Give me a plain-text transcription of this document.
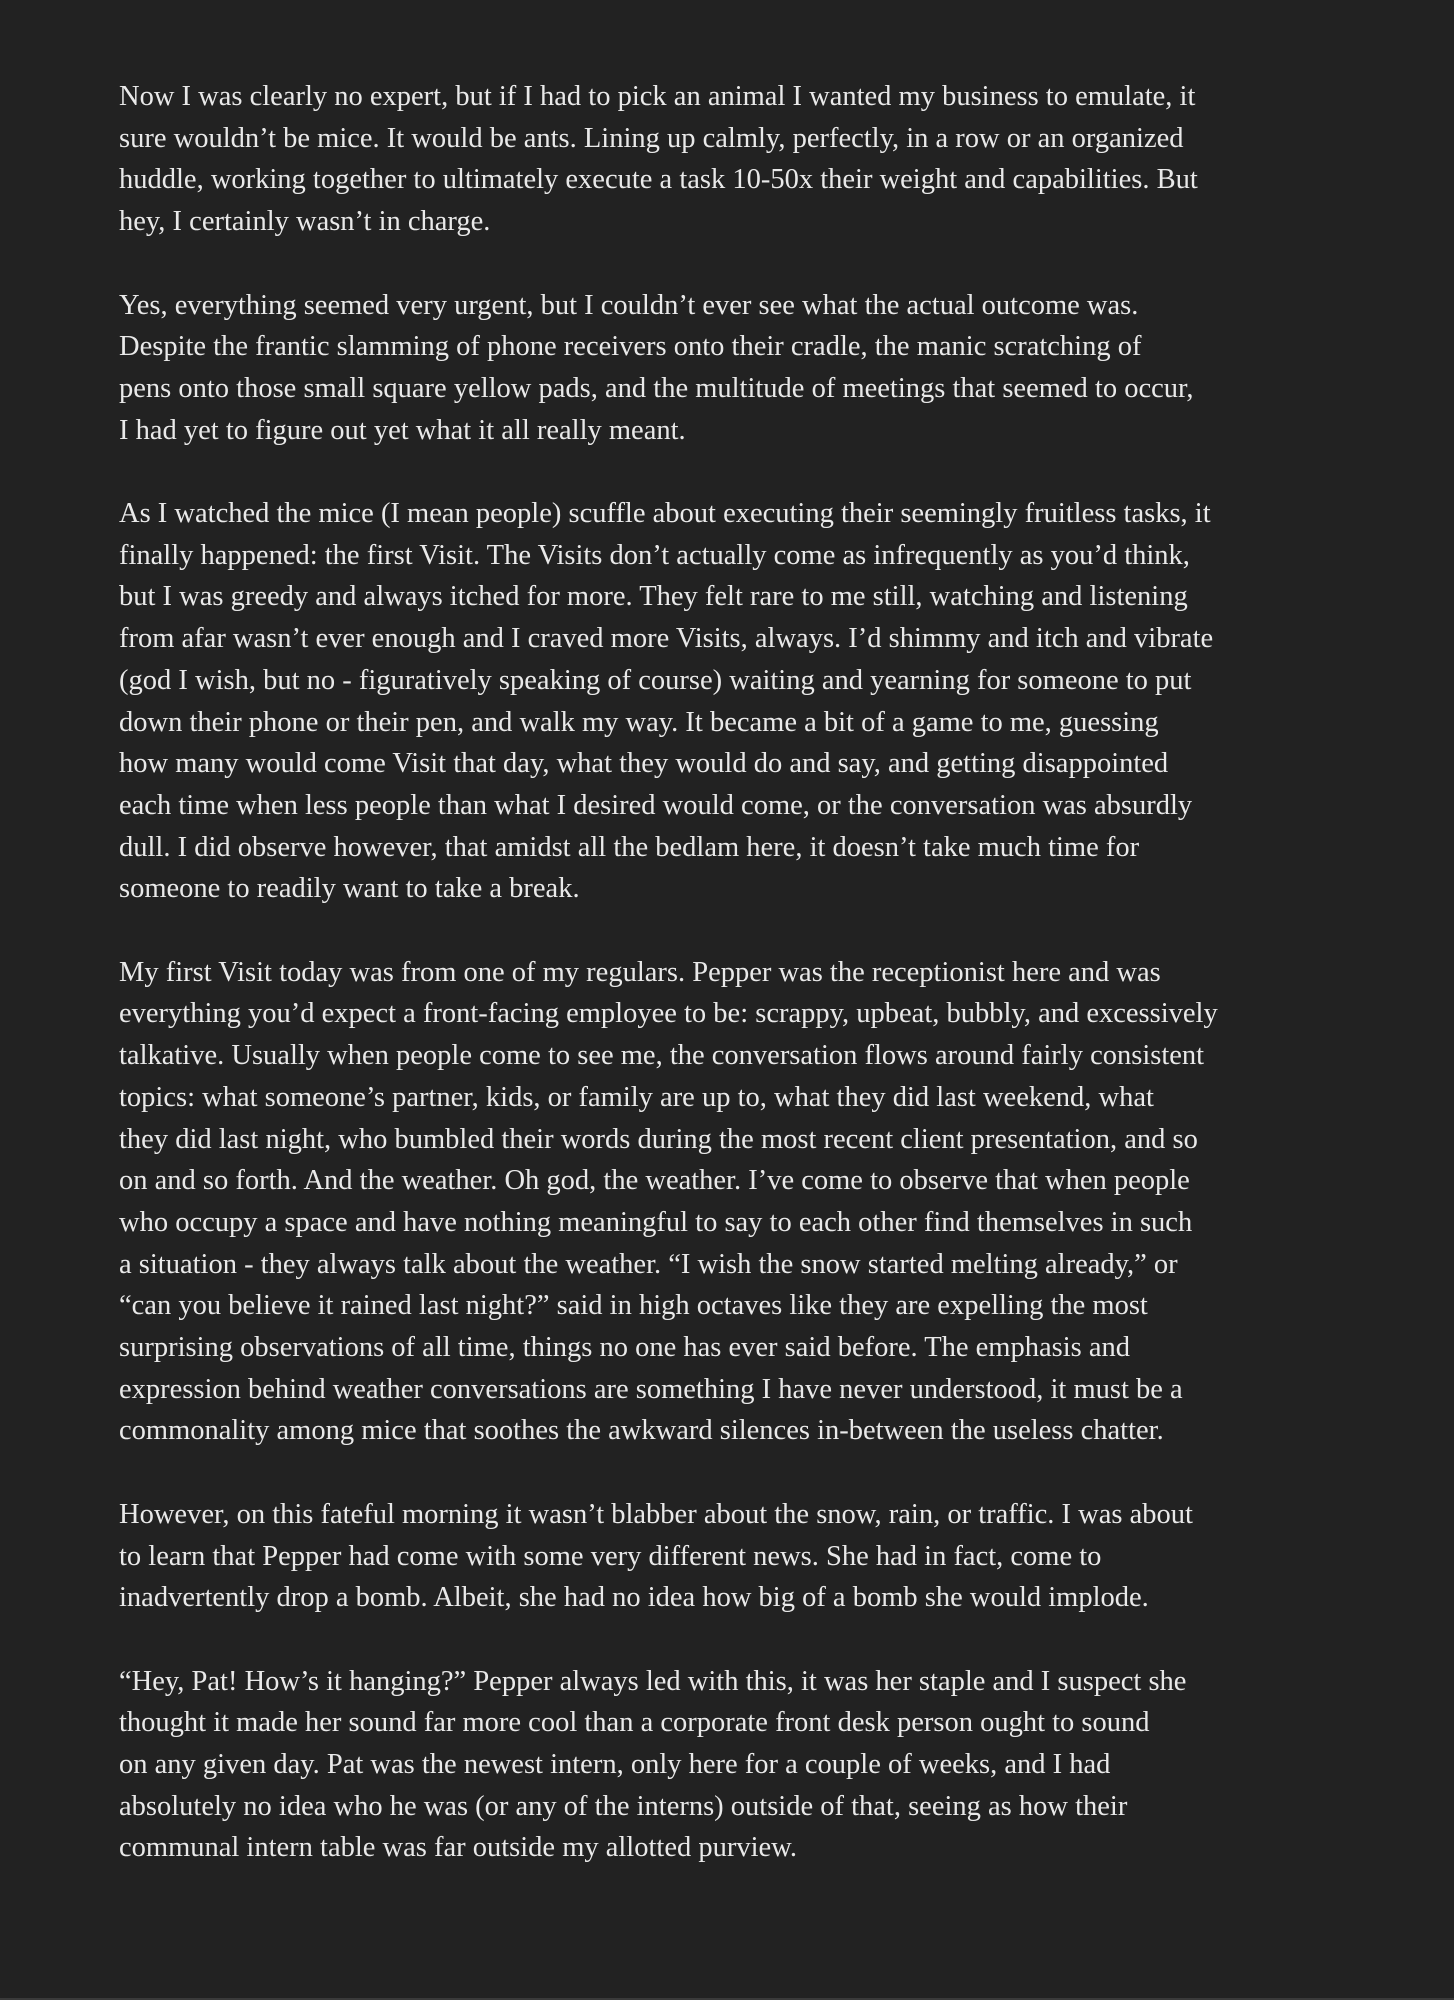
Now I was clearly no expert, but if I had to pick an animal I wanted my business to emulate, it
sure wouldn’t be mice. It would be ants. Lining up calmly, perfectly, in a row or an organized
huddle, working together to ultimately execute a task 10-50x their weight and capabilities. But
hey, I certainly wasn’t in charge.

Yes, everything seemed very urgent, but I couldn’t ever see what the actual outcome was.
Despite the frantic slamming of phone receivers onto their cradle, the manic scratching of
pens onto those small square yellow pads, and the multitude of meetings that seemed to occur,
I had yet to figure out yet what it all really meant.

As I watched the mice (I mean people) scuffle about executing their seemingly fruitless tasks, it
finally happened: the first Visit. The Visits don’t actually come as infrequently as you’d think,
but I was greedy and always itched for more. They felt rare to me still, watching and listening
from afar wasn’t ever enough and I craved more Visits, always. I’d shimmy and itch and vibrate
(god I wish, but no - figuratively speaking of course) waiting and yearning for someone to put
down their phone or their pen, and walk my way. It became a bit of a game to me, guessing
how many would come Visit that day, what they would do and say, and getting disappointed
each time when less people than what I desired would come, or the conversation was absurdly
dull. I did observe however, that amidst all the bedlam here, it doesn’t take much time for
someone to readily want to take a break.

My first Visit today was from one of my regulars. Pepper was the receptionist here and was
everything you’d expect a front-facing employee to be: scrappy, upbeat, bubbly, and excessively
talkative. Usually when people come to see me, the conversation flows around fairly consistent
topics: what someone’s partner, kids, or family are up to, what they did last weekend, what
they did last night, who bumbled their words during the most recent client presentation, and so
on and so forth. And the weather. Oh god, the weather. I’ve come to observe that when people
who occupy a space and have nothing meaningful to say to each other find themselves in such
a situation - they always talk about the weather. “I wish the snow started melting already,” or
“can you believe it rained last night?” said in high octaves like they are expelling the most
surprising observations of all time, things no one has ever said before. The emphasis and
expression behind weather conversations are something I have never understood, it must be a
commonality among mice that soothes the awkward silences in-between the useless chatter.

However, on this fateful morning it wasn’t blabber about the snow, rain, or traffic. I was about
to learn that Pepper had come with some very different news. She had in fact, come to
inadvertently drop a bomb. Albeit, she had no idea how big of a bomb she would implode.

“Hey, Pat! How’s it hanging?” Pepper always led with this, it was her staple and I suspect she
thought it made her sound far more cool than a corporate front desk person ought to sound
on any given day. Pat was the newest intern, only here for a couple of weeks, and I had
absolutely no idea who he was (or any of the interns) outside of that, seeing as how their
communal intern table was far outside my allotted purview.
